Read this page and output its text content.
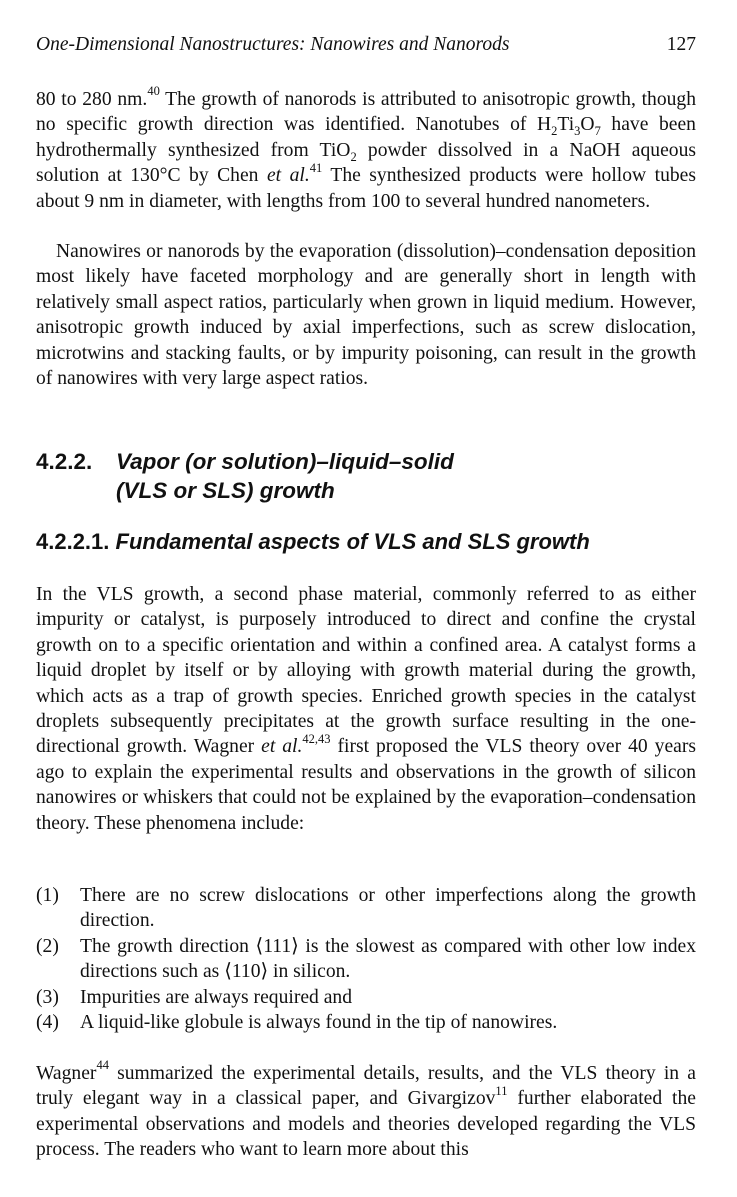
One-Dimensional Nanostructures: Nanowires and Nanorods	127

80 to 280 nm.$^{40}$ The growth of nanorods is attributed to anisotropic growth, though no specific growth direction was identified. Nanotubes of $H_2Ti_3O_7$ have been hydrothermally synthesized from TiO$_2$ powder dissolved in a NaOH aqueous solution at 130°C by Chen et al.$^{41}$ The synthesized products were hollow tubes about 9 nm in diameter, with lengths from 100 to several hundred nanometers.

Nanowires or nanorods by the evaporation (dissolution)–condensation deposition most likely have faceted morphology and are generally short in length with relatively small aspect ratios, particularly when grown in liquid medium. However, anisotropic growth induced by axial imperfections, such as screw dislocation, microtwins and stacking faults, or by impurity poisoning, can result in the growth of nanowires with very large aspect ratios.

4.2.2. Vapor (or solution)–liquid–solid
(VLS or SLS) growth
4.2.2.1. Fundamental aspects of VLS and SLS growth

In the VLS growth, a second phase material, commonly referred to as either impurity or catalyst, is purposely introduced to direct and confine the crystal growth on to a specific orientation and within a confined area. A catalyst forms a liquid droplet by itself or by alloying with growth material during the growth, which acts as a trap of growth species. Enriched growth species in the catalyst droplets subsequently precipitates at the growth surface resulting in the one-directional growth. Wagner et al.$^{42,43}$ first proposed the VLS theory over 40 years ago to explain the experimental results and observations in the growth of silicon nanowires or whiskers that could not be explained by the evaporation–condensation theory. These phenomena include:

(1) There are no screw dislocations or other imperfections along the growth direction.
(2) The growth direction ⟨111⟩ is the slowest as compared with other low index directions such as ⟨110⟩ in silicon.
(3) Impurities are always required and
(4) A liquid-like globule is always found in the tip of nanowires.

Wagner$^{44}$ summarized the experimental details, results, and the VLS theory in a truly elegant way in a classical paper, and Givargizov$^{11}$ further elaborated the experimental observations and models and theories developed regarding the VLS process. The readers who want to learn more about this
